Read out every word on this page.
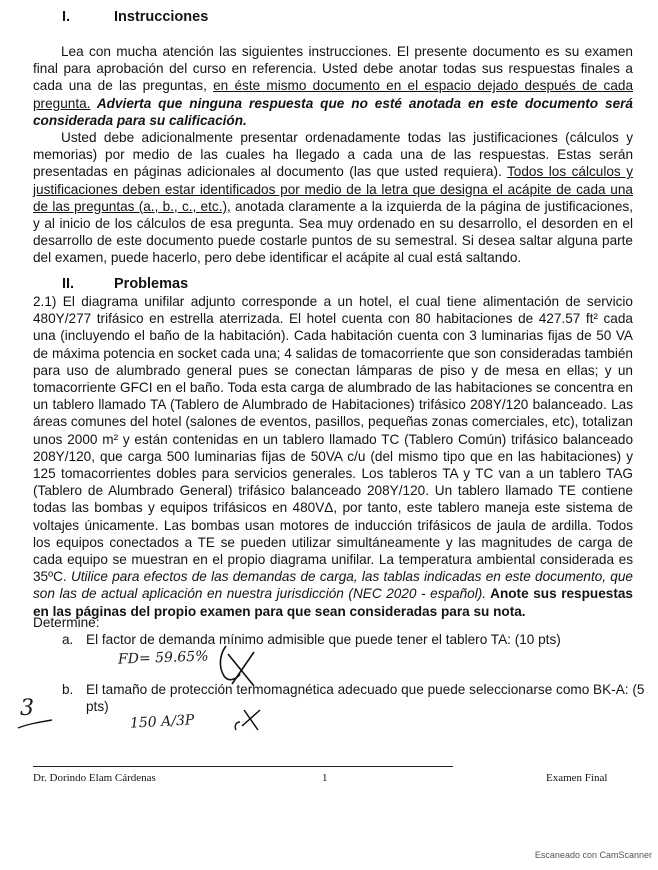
I.	Instrucciones

Lea con mucha atención las siguientes instrucciones. El presente documento es su examen final para aprobación del curso en referencia. Usted debe anotar todas sus respuestas finales a cada una de las preguntas, en éste mismo documento en el espacio dejado después de cada pregunta. Advierta que ninguna respuesta que no esté anotada en este documento será considerada para su calificación.

Usted debe adicionalmente presentar ordenadamente todas las justificaciones (cálculos y memorias) por medio de las cuales ha llegado a cada una de las respuestas. Estas serán presentadas en páginas adicionales al documento (las que usted requiera). Todos los cálculos y justificaciones deben estar identificados por medio de la letra que designa el acápite de cada una de las preguntas (a., b., c., etc.), anotada claramente a la izquierda de la página de justificaciones, y al inicio de los cálculos de esa pregunta. Sea muy ordenado en su desarrollo, el desorden en el desarrollo de este documento puede costarle puntos de su semestral. Si desea saltar alguna parte del examen, puede hacerlo, pero debe identificar el acápite al cual está saltando.

II.	Problemas

2.1) El diagrama unifilar adjunto corresponde a un hotel, el cual tiene alimentación de servicio 480Y/277 trifásico en estrella aterrizada. El hotel cuenta con 80 habitaciones de 427.57 ft² cada una (incluyendo el baño de la habitación). Cada habitación cuenta con 3 luminarias fijas de 50 VA de máxima potencia en socket cada una; 4 salidas de tomacorriente que son consideradas también para uso de alumbrado general pues se conectan lámparas de piso y de mesa en ellas; y un tomacorriente GFCI en el baño. Toda esta carga de alumbrado de las habitaciones se concentra en un tablero llamado TA (Tablero de Alumbrado de Habitaciones) trifásico 208Y/120 balanceado. Las áreas comunes del hotel (salones de eventos, pasillos, pequeñas zonas comerciales, etc), totalizan unos 2000 m² y están contenidas en un tablero llamado TC (Tablero Común) trifásico balanceado 208Y/120, que carga 500 luminarias fijas de 50VA c/u (del mismo tipo que en las habitaciones) y 125 tomacorrientes dobles para servicios generales. Los tableros TA y TC van a un tablero TAG (Tablero de Alumbrado General) trifásico balanceado 208Y/120. Un tablero llamado TE contiene todas las bombas y equipos trifásicos en 480VΔ, por tanto, este tablero maneja este sistema de voltajes únicamente. Las bombas usan motores de inducción trifásicos de jaula de ardilla. Todos los equipos conectados a TE se pueden utilizar simultáneamente y las magnitudes de carga de cada equipo se muestran en el propio diagrama unifilar. La temperatura ambiental considerada es 35ºC. Utilice para efectos de las demandas de carga, las tablas indicadas en este documento, que son las de actual aplicación en nuestra jurisdicción (NEC 2020 - español). Anote sus respuestas en las páginas del propio examen para que sean consideradas para su nota.

Determine:
a. El factor de demanda mínimo admisible que puede tener el tablero TA: (10 pts)
FD= 59.65%
b. El tamaño de protección termomagnética adecuado que puede seleccionarse como BK-A: (5 pts)
3
150 A/3P
Dr. Dorindo Elam Cárdenas	1	Examen Final
Escaneado con CamScanner
